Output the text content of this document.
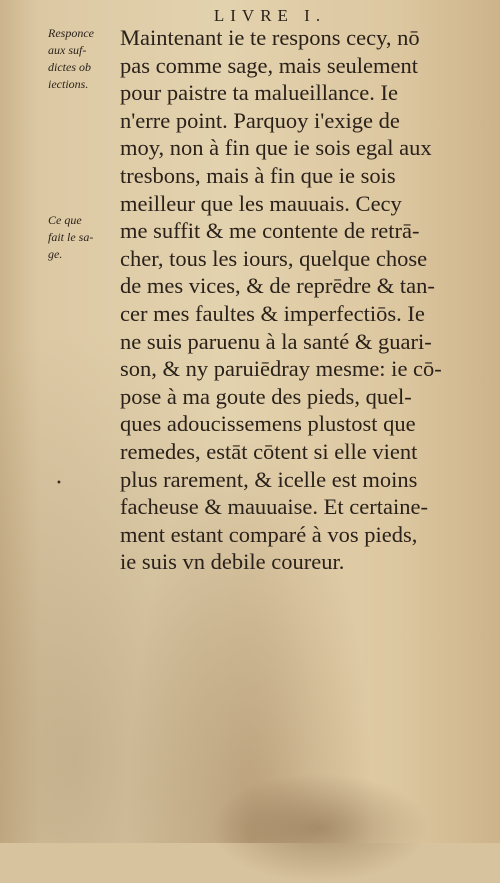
LIVRE I.
Responce
aux suf-
dictes ob
iections.
Ce que
fait le sa-
ge.
Maintenant ie te respons cecy, nō
pas comme sage, mais seulement
pour paistre ta malueillance. Ie
n'erre point. Parquoy i'exige de
moy, non à fin que ie sois egal aux
tresbons, mais à fin que ie sois
meilleur que les mauuais. Cecy
me suffit & me contente de retrā-
cher, tous les iours, quelque chose
de mes vices, & de reprēdre & tan-
cer mes faultes & imperfectiōs. Ie
ne suis paruenu à la santé & guari-
son, & ny paruiēdray mesme: ie cō-
pose à ma goute des pieds, quel-
ques adoucissemens plustost que
remedes, estāt cōtent si elle vient
plus rarement, & icelle est moins
facheuse & mauuaise. Et certaine-
ment estant comparé à vos pieds,
ie suis vn debile coureur.
•
